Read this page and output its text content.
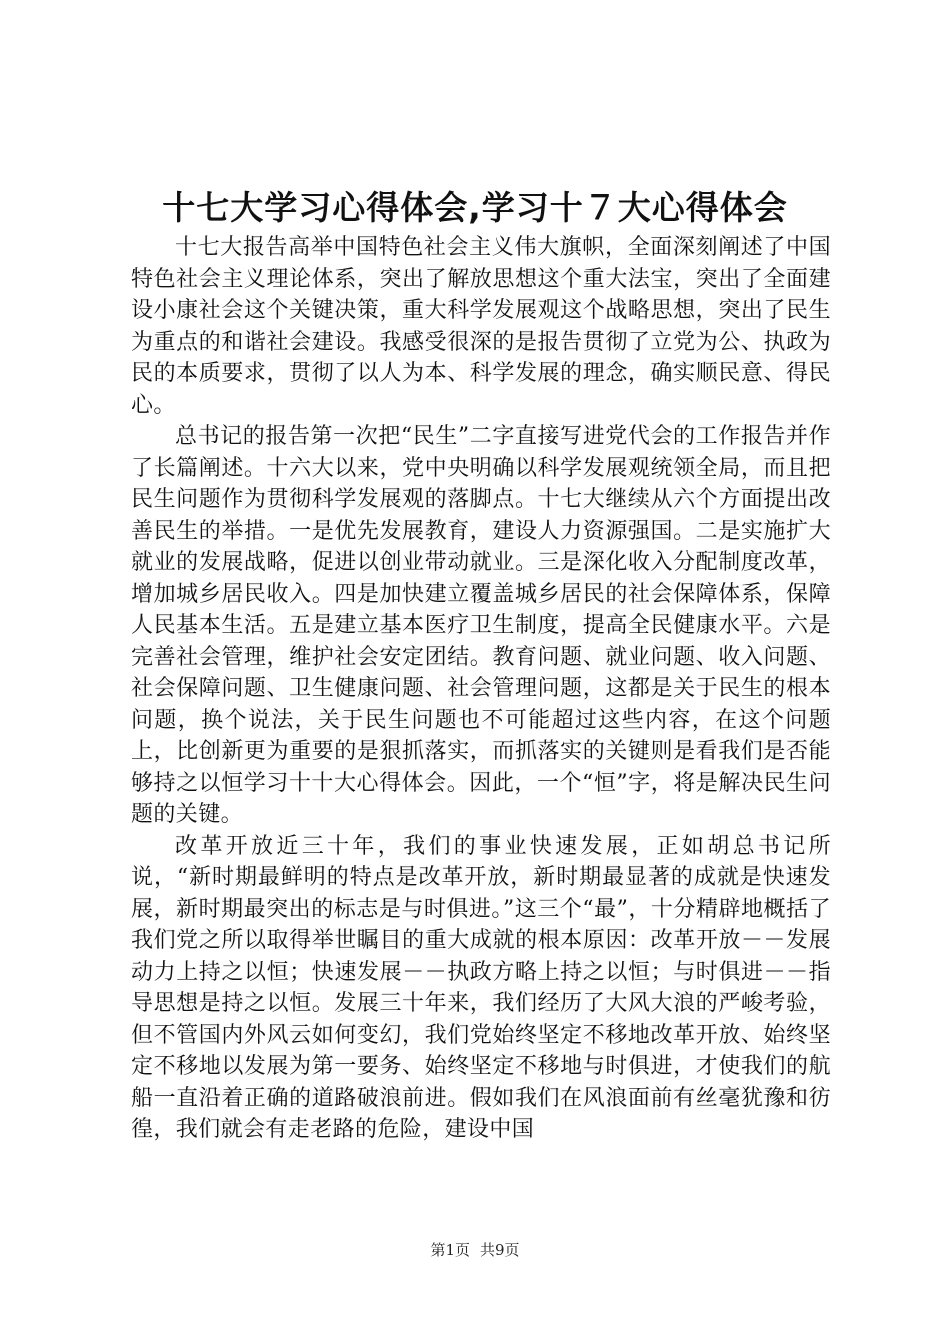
十七大学习心得体会,学习十７大心得体会

十七大报告高举中国特色社会主义伟大旗帜，全面深刻阐述了中国特色社会主义理论体系，突出了解放思想这个重大法宝，突出了全面建设小康社会这个关键决策，重大科学发展观这个战略思想，突出了民生为重点的和谐社会建设。我感受很深的是报告贯彻了立党为公、执政为民的本质要求，贯彻了以人为本、科学发展的理念，确实顺民意、得民心。

总书记的报告第一次把“民生”二字直接写进党代会的工作报告并作了长篇阐述。十六大以来，党中央明确以科学发展观统领全局，而且把民生问题作为贯彻科学发展观的落脚点。十七大继续从六个方面提出改善民生的举措。一是优先发展教育，建设人力资源强国。二是实施扩大就业的发展战略，促进以创业带动就业。三是深化收入分配制度改革，增加城乡居民收入。四是加快建立覆盖城乡居民的社会保障体系，保障人民基本生活。五是建立基本医疗卫生制度，提高全民健康水平。六是完善社会管理，维护社会安定团结。教育问题、就业问题、收入问题、社会保障问题、卫生健康问题、社会管理问题，这都是关于民生的根本问题，换个说法，关于民生问题也不可能超过这些内容，在这个问题上，比创新更为重要的是狠抓落实，而抓落实的关键则是看我们是否能够持之以恒学习十十大心得体会。因此，一个“恒”字，将是解决民生问题的关键。

改革开放近三十年，我们的事业快速发展，正如胡总书记所说，“新时期最鲜明的特点是改革开放，新时期最显著的成就是快速发展，新时期最突出的标志是与时俱进。”这三个“最”，十分精辟地概括了我们党之所以取得举世瞩目的重大成就的根本原因：改革开放－－发展动力上持之以恒；快速发展－－执政方略上持之以恒；与时俱进－－指导思想是持之以恒。发展三十年来，我们经历了大风大浪的严峻考验，但不管国内外风云如何变幻，我们党始终坚定不移地改革开放、始终坚定不移地以发展为第一要务、始终坚定不移地与时俱进，才使我们的航船一直沿着正确的道路破浪前进。假如我们在风浪面前有丝毫犹豫和彷徨，我们就会有走老路的危险，建设中国

第1页 共9页
